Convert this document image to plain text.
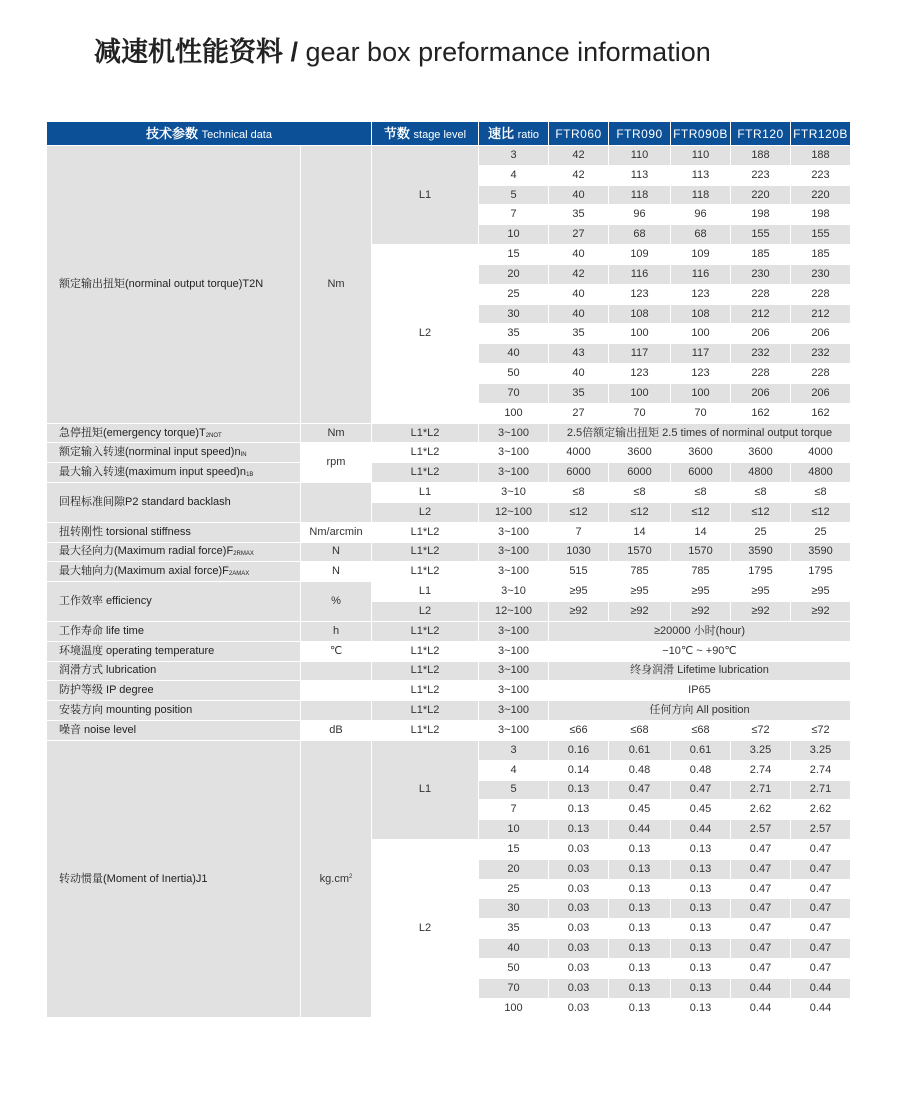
减速机性能资料 / gear box preformance information
技术参数 Technical data		节数 stage level	速比 ratio	FTR060	FTR090	FTR090B	FTR120	FTR120B
额定输出扭矩(norminal output torque)T2N	Nm	L1	3	42	110	110	188	188
			4	42	113	113	223	223
			5	40	118	118	220	220
			7	35	96	96	198	198
			10	27	68	68	155	155
		L2	15	40	109	109	185	185
			20	42	116	116	230	230
			25	40	123	123	228	228
			30	40	108	108	212	212
			35	35	100	100	206	206
			40	43	117	117	232	232
			50	40	123	123	228	228
			70	35	100	100	206	206
			100	27	70	70	162	162
急停扭矩(emergency $torque)T_{2NOT}$	Nm	L1*L2	3~100	2.5倍额定输出扭矩 2.5 times of norminal output torque				
额定输入转速(norminal input $speed)n_{IN}$	rpm	L1*L2	3~100	4000	3600	3600	3600	4000
最大输入转速(maximum input $speed)n_{1B}$		L1*L2	3~100	6000	6000	6000	4800	4800
回程标准间隙P2 standard backlash		L1	3~10	≤8	≤8	≤8	≤8	≤8
		L2	12~100	≤12	≤12	≤12	≤12	≤12
扭转刚性 torsional stiffness	Nm/arcmin	L1*L2	3~100	7	14	14	25	25
最大径向力(Maximum radial $force)F_{2RMAX}$	N	L1*L2	3~100	1030	1570	1570	3590	3590
最大轴向力(Maximum axial $force)F_{2AMAX}$	N	L1*L2	3~100	515	785	785	1795	1795
工作效率 efficiency	%	L1	3~10	≥95	≥95	≥95	≥95	≥95
		L2	12~100	≥92	≥92	≥92	≥92	≥92
工作寿命 life time	h	L1*L2	3~100	≥20000 小时(hour)				
环境温度 operating temperature	℃	L1*L2	3~100	−10℃ ~ +90℃				
润滑方式 lubrication		L1*L2	3~100	终身润滑 Lifetime lubrication				
防护等级 IP degree		L1*L2	3~100	IP65				
安装方向 mounting position		L1*L2	3~100	任何方向 All position				
噪音 noise level	dB	L1*L2	3~100	≤66	≤68	≤68	≤72	≤72
转动惯量(Moment of Inertia)J1	$kg.cm^2$	L1	3	0.16	0.61	0.61	3.25	3.25
			4	0.14	0.48	0.48	2.74	2.74
			5	0.13	0.47	0.47	2.71	2.71
			7	0.13	0.45	0.45	2.62	2.62
			10	0.13	0.44	0.44	2.57	2.57
		L2	15	0.03	0.13	0.13	0.47	0.47
			20	0.03	0.13	0.13	0.47	0.47
			25	0.03	0.13	0.13	0.47	0.47
			30	0.03	0.13	0.13	0.47	0.47
			35	0.03	0.13	0.13	0.47	0.47
			40	0.03	0.13	0.13	0.47	0.47
			50	0.03	0.13	0.13	0.47	0.47
			70	0.03	0.13	0.13	0.44	0.44
			100	0.03	0.13	0.13	0.44	0.44
